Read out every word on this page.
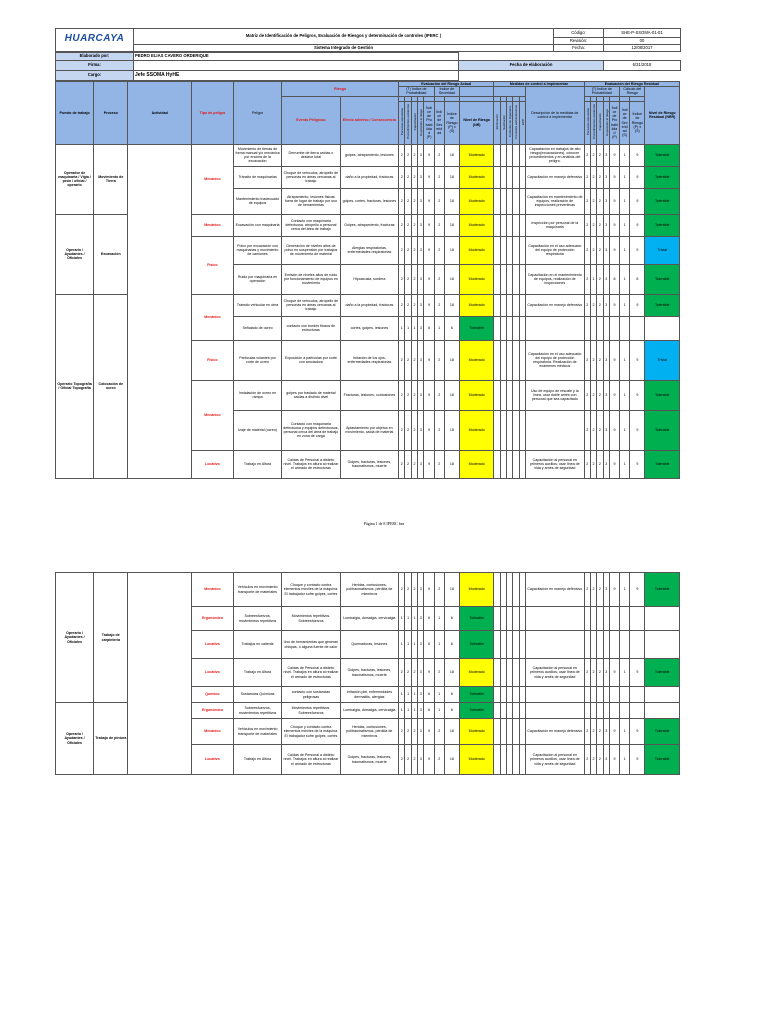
HUARCAYA	Matriz de Identificación de Peligros, Evaluación de Riesgos y determinación de controles (IPERC )	Código:	SHE-P-SSOMA-01-01
		Revisión:	00
	Sistema Integrado de Gestión	Fecha:	12/08/2017
Elaborado por:	PEDRO ELIAS CAVERO ORDERIQUE		
Firma:		Fecha de elaboración	6/31/2018
Cargo:	Jefe SSOMA HyHE		
Puesto de trabajo	Proceso	Actividad	Tipo de peligro	Peligro	Riesgo		Evaluación del Riesgo Actual								Medidas de control a implementar						Evaluación del Riesgo Residual							
							(T) Índice de Probabilidad					Índice de Severidad								Descripción de la medidas de control a implementar	(T) Índice de Probabilidad					Cálculo del Riesgo		Nivel de Riesgo Residual (NRR)
					Evento Peligroso	Efecto adverso / Consecuencia																						
							Personas expuestas	Procedimientos existentes	Capacitación	Exposición al riesgo	Índice de Probabilidad (P)	Índice de Severidad	Índice de Riesgo (P) x (S)	Nivel de Riesgo (NR)	Eliminación	Sustitución	Controles de ingeniería	Controles administrativos	EPP		Personas expuestas	Procedimientos existentes	Capacitación	Exposición al riesgo	Índice de Probabilidad (P)	Índice de Severidad (S)	Índice de Riesgo (P) x (S)	
Operador de maquinaria / Vigía / peón / oficial / operario	Movimiento de Tierra		Mecánico	Movimiento de tierras de forma manual y/o mecánica por encima de la excavación	Derrumbe de tierra caídas o deslave total	golpes, atrapamiento, lesiones	2	2	2	3	9	2	18	Moderado						Capacitación en trabajos de alto riesgo(excavaciones), conocer procedimientos y en análisis del peligro.	2	2	2	3	9	1	9	Tolerable
				Tránsito de maquinarias	Choque de vehículos, atropello de personas en áreas cercanas al trabajo	daño a la propiedad, fracturas	2	2	2	3	9	2	18	Moderado						Capacitación en manejo defensivo	2	2	2	3	9	1	9	Tolerable
				Mantenimiento inadecuado de equipos	Atrapamiento, lesiones físicas fuera de lugar de trabajo por uso de herramientas	golpes, cortes, fracturas, lesiones	2	2	2	3	9	2	18	Moderado						Capacitación en mantenimiento de equipos, realización de inspecciones preventivas	2	2	2	3	9	1	9	Tolerable
Operario / Ayudantes / Oficiales	Excavación		Mecánico	Excavación con maquinaria	Contacto con maquinaria defectuosa, atropello a personal cerca del área de trabajo	Golpes, atrapamiento, fracturas	2	2	2	3	9	2	18	Moderado						Inspección por personal de la maquinaria	2	2	2	3	9	1	9	Tolerable
			Físico	Polvo por excavación con maquinarias y movimiento de camiones	Generación de niveles altos de polvo en suspensión por trabajos de movimiento de material	Alergias respiratorias, enfermedades respiratorias	2	2	2	3	9	2	18	Moderado						Capacitación en el uso adecuado del equipo de protección respiratoria	2	2	2	3	9	1	9	Trivial
				Ruido por maquinaria en operación	Emisión de niveles altos de ruido por funcionamiento de equipos en movimiento	Hipoacusia, sordera	2	2	2	3	9	2	18	Moderado						Capacitación en el mantenimiento de equipos, realización de inspecciones	2	1	2	3	8	1	8	Tolerable
Operario Topografía / Oficial Topografía	Colocación de ocreo		Mecánico	Tránsito vehicular en obra	Choque de vehículos, atropello de personas en áreas cercanas al trabajo	daño a la propiedad, fracturas	2	2	2	3	9	2	18	Moderado						Capacitación en manejo defensivo	2	2	2	3	9	1	9	Tolerable
				Señalado de ocreo	contacto con bordes filosos de estructuras	cortes, golpes, lesiones	1	1	1	3	6	1	6	Tolerable														
			Físico	Partículas volantes por corte de ocreo	Exposición a partículas por corte con amoladora	Irritación de los ojos, enfermedades respiratorias	2	2	2	3	9	2	18	Moderado						Capacitación en el uso adecuado del equipo de protección respiratoria. Realización de exámenes médicos	2	2	2	3	9	1	9	Trivial
			Mecánico	Instalación de ocreo en rampa	golpes por traslado de material caídas a distinto nivel	Fracturas, lesiones, contusiones	2	2	2	3	9	2	18	Moderado						Uso de equipo de rescate y la línea, usar doble arnés con personal que sea capacitado	2	2	2	3	9	1	9	Tolerable
				Izaje de material (ocreo)	Contacto con maquinaria defectuosa y equipos defectuosos, personal cerca del área de trabajo en zona de carga	Aplastamiento por objetos en movimiento, caída de material	2	2	2	3	9	2	18	Moderado							2	2	2	3	9	1	9	Tolerable
			Locativo	Trabajo en Altura	Caídas de Personal a distinto nivel. Trabajos en altura al realizar el armado de estructuras	Golpes, fracturas, lesiones, traumatismos, muerte	2	2	2	3	9	2	18	Moderado						Capacitación al personal en primeros auxilios, usar línea de vida y arnés de seguridad	2	2	2	3	9	1	9	Tolerable
Página 1 de 8 IPERC bea
Operario / Ayudantes / Oficiales	Trabajo de carpintería		Mecánico	Vehículos en movimiento transporte de materiales	Choque y contacto contra elementos móviles de la máquina. El trabajador sufre golpes, cortes	Heridas, contusiones, politraumatismos, pérdida de miembros	2	2	2	3	9	2	18	Moderado						Capacitación en manejo defensivo	2	2	2	3	9	1	9	Tolerable
			Ergonómico	Sobreesfuerzos, movimientos repetitivos	Movimientos repetitivos. Sobreesfuerzos	Lumbalgia, dorsalgia, cervicalgia	1	1	1	3	6	1	6	Tolerable														
			Locativo	Trabajos en caliente	Uso de herramientas que generan chispas, o alguna fuente de calor	Quemaduras, lesiones	1	1	1	3	6	1	6	Tolerable														
			Locativo	Trabajo en Altura	Caídas de Personal a distinto nivel. Trabajos en altura al realizar el armado de estructuras	Golpes, fracturas, lesiones, traumatismos, muerte	2	2	2	3	9	2	18	Moderado						Capacitación al personal en primeros auxilios, usar línea de vida y arnés de seguridad	2	2	2	3	9	1	9	Tolerable
			Químico	Sustancias Químicas	contacto con sustancias peligrosas	Irritación piel, enfermedades dermatitis, alergias	1	1	1	3	6	1	6	Tolerable														
Operario / Ayudantes / Oficiales	Trabajo de pintura		Ergonómico	Sobreesfuerzos, movimientos repetitivos	Movimientos repetitivos. Sobreesfuerzos	Lumbalgia, dorsalgia, cervicalgia	1	1	1	3	6	1	6	Tolerable														
			Mecánico	Vehículos en movimiento transporte de materiales	Choque y contacto contra elementos móviles de la máquina. El trabajador sufre golpes, cortes	Heridas, contusiones, politraumatismos, pérdida de miembros	2	2	2	3	9	2	18	Moderado						Capacitación en manejo defensivo	2	2	2	3	9	1	9	Tolerable
			Locativo	Trabajo en Altura	Caídas de Personal a distinto nivel. Trabajos en altura al realizar el armado de estructuras	Golpes, fracturas, lesiones, traumatismos, muerte	2	2	2	3	9	2	18	Moderado						Capacitación al personal en primeros auxilios, usar línea de vida y arnés de seguridad	2	2	2	3	9	1	9	Tolerable
